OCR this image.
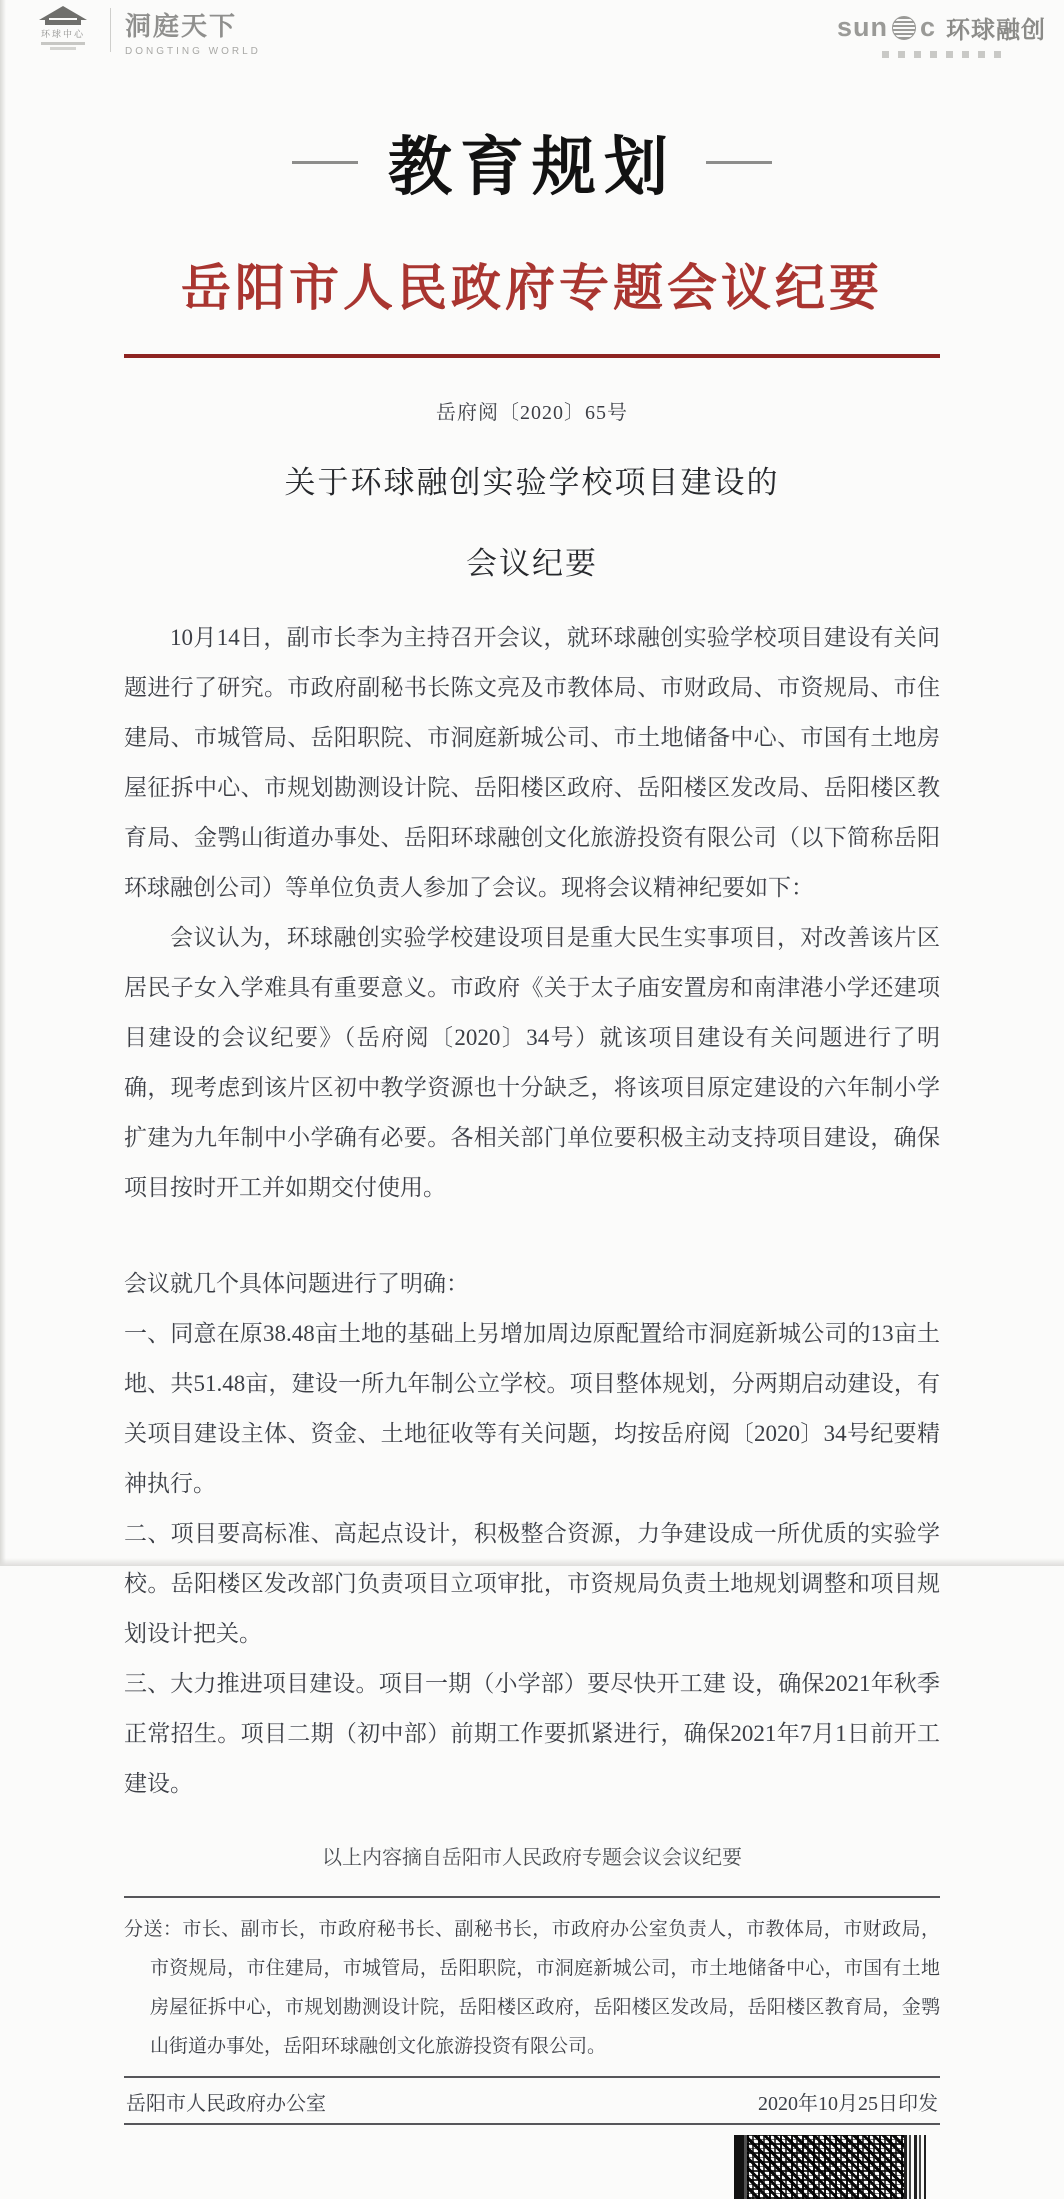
环球中心 洞庭天下
DONGTING WORLD
sun c 环球融创
教育规划
岳阳市人民政府专题会议纪要
岳府阅〔2020〕65号
关于环球融创实验学校项目建设的
会议纪要

10月14日，副市长李为主持召开会议，就环球融创实验学校项目建设有关问题进行了研究。市政府副秘书长陈文亮及市教体局、市财政局、市资规局、市住建局、市城管局、岳阳职院、市洞庭新城公司、市土地储备中心、市国有土地房屋征拆中心、市规划勘测设计院、岳阳楼区政府、岳阳楼区发改局、岳阳楼区教育局、金鹗山街道办事处、岳阳环球融创文化旅游投资有限公司（以下简称岳阳环球融创公司）等单位负责人参加了会议。现将会议精神纪要如下：

会议认为，环球融创实验学校建设项目是重大民生实事项目，对改善该片区居民子女入学难具有重要意义。市政府《关于太子庙安置房和南津港小学还建项目建设的会议纪要》（岳府阅〔2020〕34号）就该项目建设有关问题进行了明确，现考虑到该片区初中教学资源也十分缺乏，将该项目原定建设的六年制小学扩建为九年制中小学确有必要。各相关部门单位要积极主动支持项目建设，确保项目按时开工并如期交付使用。

会议就几个具体问题进行了明确：

一、同意在原38.48亩土地的基础上另增加周边原配置给市洞庭新城公司的13亩土地、共51.48亩，建设一所九年制公立学校。项目整体规划，分两期启动建设，有关项目建设主体、资金、土地征收等有关问题，均按岳府阅〔2020〕34号纪要精神执行。

二、项目要高标准、高起点设计，积极整合资源，力争建设成一所优质的实验学校。岳阳楼区发改部门负责项目立项审批，市资规局负责土地规划调整和项目规划设计把关。

三、大力推进项目建设。项目一期（小学部）要尽快开工建 设，确保2021年秋季正常招生。项目二期（初中部）前期工作要抓紧进行，确保2021年7月1日前开工建设。

以上内容摘自岳阳市人民政府专题会议会议纪要
分送：市长、副市长，市政府秘书长、副秘书长，市政府办公室负责人，市教体局，市财政局，市资规局，市住建局，市城管局，岳阳职院，市洞庭新城公司，市土地储备中心，市国有土地房屋征拆中心，市规划勘测设计院，岳阳楼区政府，岳阳楼区发改局，岳阳楼区教育局，金鹗山街道办事处，岳阳环球融创文化旅游投资有限公司。
岳阳市人民政府办公室	2020年10月25日印发
